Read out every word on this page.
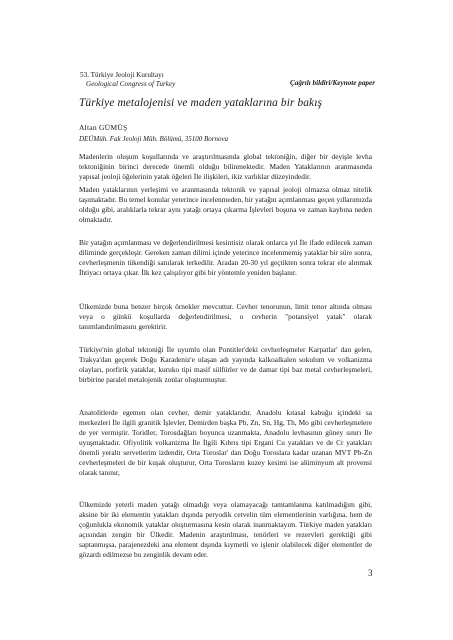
53. Türkiye Jeoloji Kurultayı
Geological Congress of Turkey	Çağrılı bildiri/Keynote paper
Türkiye metalojenisi ve maden yataklarına bir bakış
Altan GÜMÜŞ
DEÜMüh. Fak Jeoloji Müh. Bölümü, 35100 Bornova

Madenlerin oluşum koşullarında ve araştırılmasında global tektoniğin, diğer bir deyişle levha tektoniğinin birinci derecede önemli olduğu bilinmektedir. Maden Yataklarının aranmasında yapısal jeoloji öğelerinin yatak öğeleri İle ilişkileri, ikiz varlıklar düzeyindedir.

Maden yataklarının yerleşimi ve aranmasında tektonik ve yapısal jeoloji olmazsa olmaz nitelik taşımaktadır. Bu temel konular yeterince incelenmeden, bir yatağın açımlanması geçen yıllarımızda olduğu gibi, aralıklarla tekrar aynı yatağı ortaya çıkarma İşlevleri boşuna ve zaman kaybına neden olmaktadır.

Bir yatağın açımlanması ve değerlendirilmesi kesintisiz olarak onlarca yıl İle ifade edilecek zaman diliminde gerçekleşir. Gereken zaman dilimi içinde yeterince incelenmemiş yataklar bir süre sonra, cevherleşmenin tükendiği sanılarak terkedilir. Aradan 20-30 yıl geçtikten sonra tekrar ele alınmak İhtiyacı ortaya çıkar. İlk kez çalışılıyor gibi bir yöntemle yeniden başlanır.

Ülkemizde buna benzer birçok örnekler mevcuttur. Cevher tenorunun, limit tenor altında olması veya o günkü koşullarda değerlendirilmesi, o cevherin "potansiyel yatak" olarak tanımlandırılmasını gerektirir.

Türkiye'nin global tektoniği İle uyumlu olan Pontitler'deki cevherleşmeler Karpatlar' dan gelen, Trakya'dan geçerek Doğu Karadeniz'e ulaşan adı yayında kalkoalkalen sokulum ve volkanizma olayları, porfirik yataklar, kuruko tipi masif sülfürler ve de damar tipi baz metal cevherleşmeleri, birbirine paralel metalojenik zonlar oluşturmuştur.

Anatolitlerde egemen olan cevher, demir yataklarıdır. Anadolu kıtasal kabuğu içindeki sa merkezleri İle ilgili granitik İşlevler, Demirden başka Pb, Zn, Sn, Hg, Th, Mo gibi cevherleşmelere de yer vermiştir. Toridler, Torosdağları boyunca uzanmakta, Anadolu levhasının güney sınırı İle uyuşmaktadır. Ofiyolitik volkanizma İle İlgili Kıbrıs tipi Ergani Cu yatakları ve de Cr yatakları önemli yeraltı servetlerim izdendir, Orta Toroslar' dan Doğu Toroslara kadar uzanan MVT Pb-Zn cevherleşmeleri de bir kuşak oluşturur, Orta Torosların kuzey kesimi ise alüminyum alt provensi olarak tanınır,

Ülkemizde yeterli maden yatağı olmadığı veya olamayacağı tamtamlanma katılmadığım gibi, aksine bir iki elementin yatakları dışında peryodik cetvelin tüm elementlerinin varlığına, hem de çoğunlukla ekonomik yataklar oluşturmasına kesin olarak inanmaktayım. Türkiye maden yatakları açısından zengin bir Ülkedir. Madenin araştırılması, tenörleri ve rezervleri gerektiği gibi saptanmışsa, parajenezdeki ana element dışında kıymetli ve işlenir olabilecek diğer elementler de gözardı edilmezse bu zenginlik devam eder.

3
